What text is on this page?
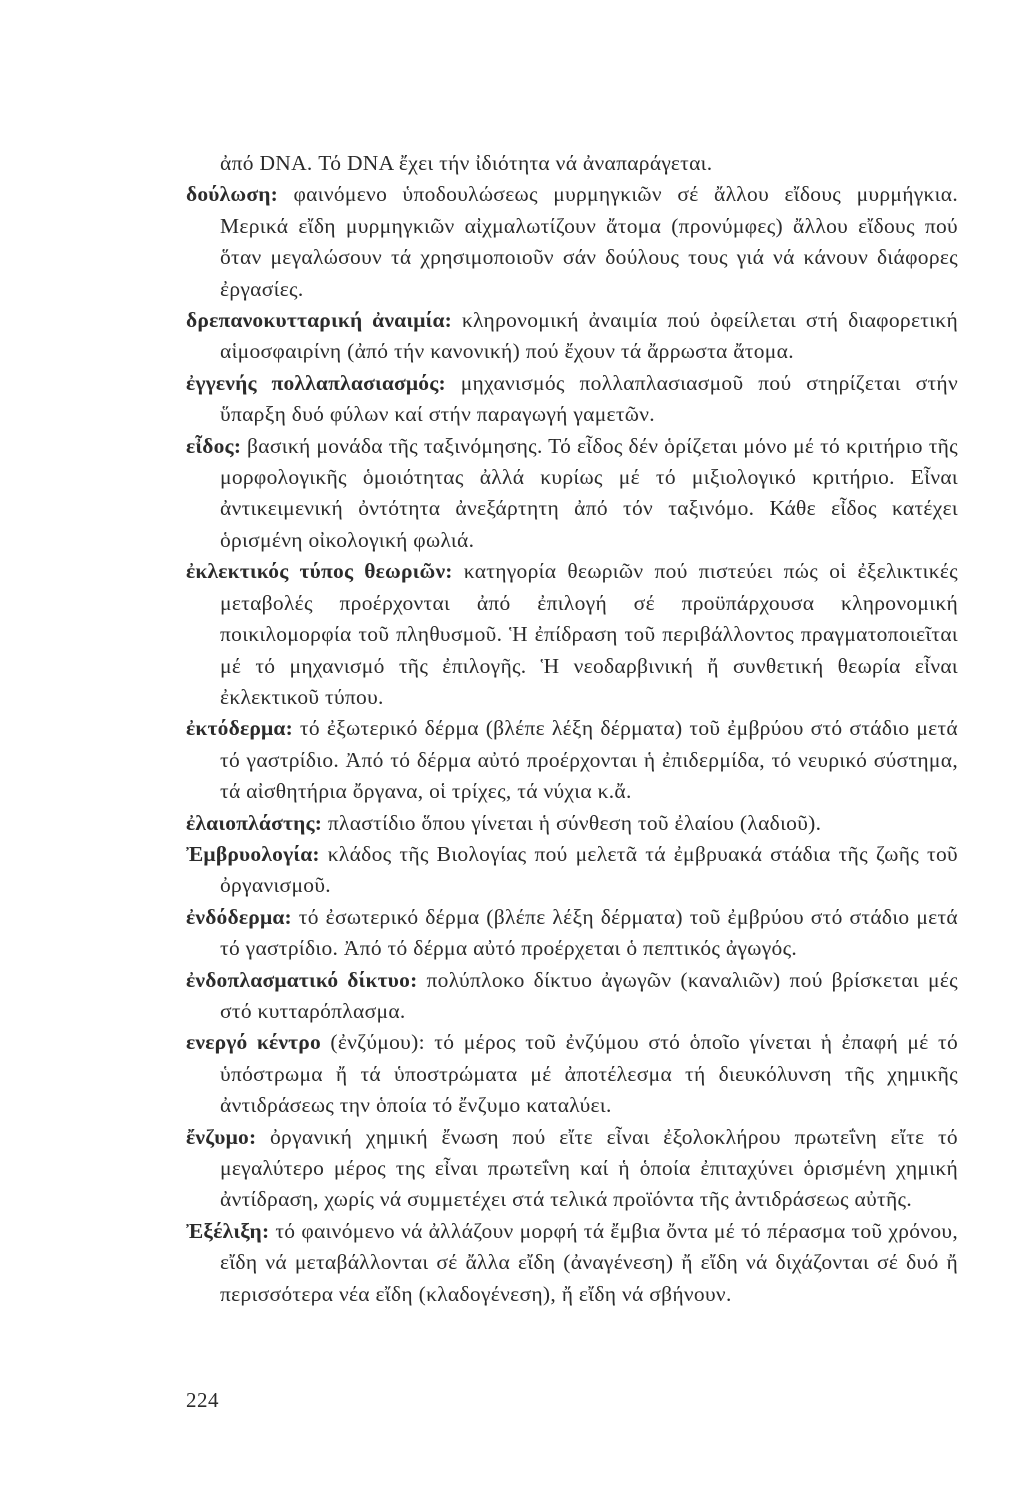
ἀπό DNA. Τό DNA ἔχει τήν ἰδιότητα νά ἀναπαράγεται.

δούλωση: φαινόμενο ὑποδουλώσεως μυρμηγκιῶν σέ ἄλλου εἴδους μυρμήγκια. Μερικά εἴδη μυρμηγκιῶν αἰχμαλωτίζουν ἄτομα (προνύμφες) ἄλλου εἴδους πού ὅταν μεγαλώσουν τά χρησιμοποιοῦν σάν δούλους τους γιά νά κάνουν διάφορες ἐργασίες.

δρεπανοκυτταρική ἀναιμία: κληρονομική ἀναιμία πού ὀφείλεται στή διαφορετική αἱμοσφαιρίνη (ἀπό τήν κανονική) πού ἔχουν τά ἄρρωστα ἄτομα.

ἐγγενής πολλαπλασιασμός: μηχανισμός πολλαπλασιασμοῦ πού στηρίζεται στήν ὕπαρξη δυό φύλων καί στήν παραγωγή γαμετῶν.

εἶδος: βασική μονάδα τῆς ταξινόμησης. Τό εἶδος δέν ὁρίζεται μόνο μέ τό κριτήριο τῆς μορφολογικῆς ὁμοιότητας ἀλλά κυρίως μέ τό μιξιολογικό κριτήριο. Εἶναι ἀντικειμενική ὀντότητα ἀνεξάρτητη ἀπό τόν ταξινόμο. Κάθε εἶδος κατέχει ὁρισμένη οἰκολογική φωλιά.

ἐκλεκτικός τύπος θεωριῶν: κατηγορία θεωριῶν πού πιστεύει πώς οἱ ἐξελικτικές μεταβολές προέρχονται ἀπό ἐπιλογή σέ προϋπάρχουσα κληρονομική ποικιλομορφία τοῦ πληθυσμοῦ. Ἡ ἐπίδραση τοῦ περιβάλλοντος πραγματοποιεῖται μέ τό μηχανισμό τῆς ἐπιλογῆς. Ἡ νεοδαρβινική ἤ συνθετική θεωρία εἶναι ἐκλεκτικοῦ τύπου.

ἐκτόδερμα: τό ἐξωτερικό δέρμα (βλέπε λέξη δέρματα) τοῦ ἐμβρύου στό στάδιο μετά τό γαστρίδιο. Ἀπό τό δέρμα αὐτό προέρχονται ἡ ἐπιδερμίδα, τό νευρικό σύστημα, τά αἰσθητήρια ὄργανα, οἱ τρίχες, τά νύχια κ.ἄ.

ἐλαιοπλάστης: πλαστίδιο ὅπου γίνεται ἡ σύνθεση τοῦ ἐλαίου (λαδιοῦ).

Ἐμβρυολογία: κλάδος τῆς Βιολογίας πού μελετᾶ τά ἐμβρυακά στάδια τῆς ζωῆς τοῦ ὀργανισμοῦ.

ἐνδόδερμα: τό ἐσωτερικό δέρμα (βλέπε λέξη δέρματα) τοῦ ἐμβρύου στό στάδιο μετά τό γαστρίδιο. Ἀπό τό δέρμα αὐτό προέρχεται ὁ πεπτικός ἀγωγός.

ἐνδοπλασματικό δίκτυο: πολύπλοκο δίκτυο ἀγωγῶν (καναλιῶν) πού βρίσκεται μές στό κυτταρόπλασμα.

ενεργό κέντρο (ἐνζύμου): τό μέρος τοῦ ἐνζύμου στό ὁποῖο γίνεται ἡ ἐπαφή μέ τό ὑπόστρωμα ἤ τά ὑποστρώματα μέ ἀποτέλεσμα τή διευκόλυνση τῆς χημικῆς ἀντιδράσεως την ὁποία τό ἔνζυμο καταλύει.

ἔνζυμο: ὀργανική χημική ἔνωση πού εἴτε εἶναι ἐξολοκλήρου πρωτεΐνη εἴτε τό μεγαλύτερο μέρος της εἶναι πρωτεΐνη καί ἡ ὁποία ἐπιταχύνει ὁρισμένη χημική ἀντίδραση, χωρίς νά συμμετέχει στά τελικά προϊόντα τῆς ἀντιδράσεως αὐτῆς.

Ἐξέλιξη: τό φαινόμενο νά ἀλλάζουν μορφή τά ἔμβια ὄντα μέ τό πέρασμα τοῦ χρόνου, εἴδη νά μεταβάλλονται σέ ἄλλα εἴδη (ἀναγένεση) ἤ εἴδη νά διχάζονται σέ δυό ἤ περισσότερα νέα εἴδη (κλαδογένεση), ἤ εἴδη νά σβήνουν.

224
